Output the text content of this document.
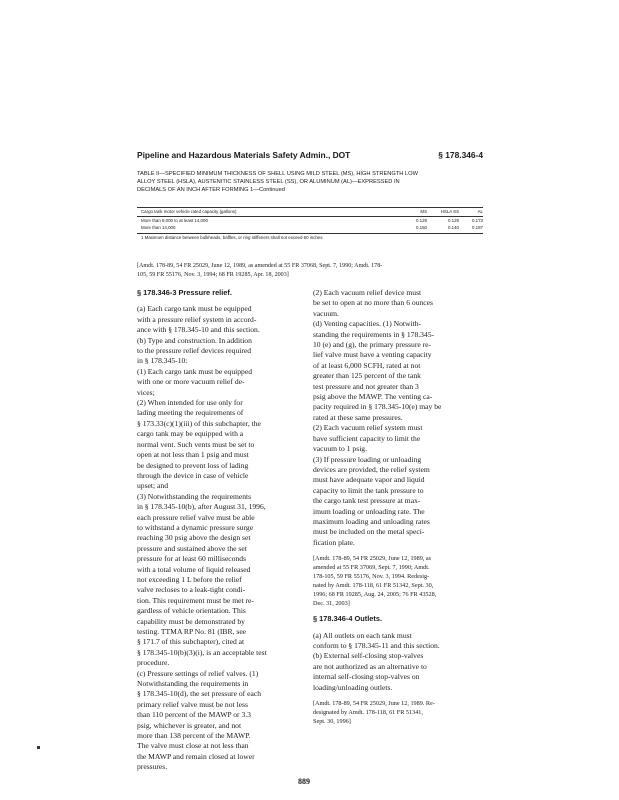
Pipeline and Hazardous Materials Safety Admin., DOT	§ 178.346-4
TABLE II—SPECIFIED MINIMUM THICKNESS OF SHELL USING MILD STEEL (MS), HIGH STRENGTH LOW
ALLOY STEEL (HSLA), AUSTENITIC STAINLESS STEEL (SS), OR ALUMINUM (AL)—EXPRESSED IN
DECIMALS OF AN INCH AFTER FORMING 1—Continued
Cargo tank motor vehicle rated capacity (gallons)	MS	HSLA SS	AL
More than 8,000 to at least 14,000	0.129	0.129	0.173
More than 14,000	0.150	0.140	0.187
1 Maximum distance between bulkheads, baffles, or ring stiffeners shall not exceed 60 inches.
[Amdt. 178-89, 54 FR 25029, June 12, 1989, as amended at 55 FR 37068, Sept. 7, 1990; Amdt. 178-
105, 59 FR 55176, Nov. 3, 1994; 68 FR 19285, Apr. 18, 2003]

§ 178.346-3 Pressure relief.

(a) Each cargo tank must be equipped

with a pressure relief system in accord-

ance with § 178.345-10 and this section.

(b) Type and construction. In addition

to the pressure relief devices required

in § 178.345-10:

(1) Each cargo tank must be equipped

with one or more vacuum relief de-

vices;

(2) When intended for use only for

lading meeting the requirements of

§ 173.33(c)(1)(iii) of this subchapter, the

cargo tank may be equipped with a

normal vent. Such vents must be set to

open at not less than 1 psig and must

be designed to prevent loss of lading

through the device in case of vehicle

upset; and

(3) Notwithstanding the requirements

in § 178.345-10(b), after August 31, 1996,

each pressure relief valve must be able

to withstand a dynamic pressure surge

reaching 30 psig above the design set

pressure and sustained above the set

pressure for at least 60 milliseconds

with a total volume of liquid released

not exceeding 1 L before the relief

valve recloses to a leak-tight condi-

tion. This requirement must be met re-

gardless of vehicle orientation. This

capability must be demonstrated by

testing. TTMA RP No. 81 (IBR, see

§ 171.7 of this subchapter), cited at

§ 178.345-10(b)(3)(i), is an acceptable test

procedure.

(c) Pressure settings of relief valves. (1)

Notwithstanding the requirements in

§ 178.345-10(d), the set pressure of each

primary relief valve must be not less

than 110 percent of the MAWP or 3.3

psig, whichever is greater, and not

more than 138 percent of the MAWP.

The valve must close at not less than

the MAWP and remain closed at lower

pressures.

(2) Each vacuum relief device must

be set to open at no more than 6 ounces

vacuum.

(d) Venting capacities. (1) Notwith-

standing the requirements in § 178.345-

10 (e) and (g), the primary pressure re-

lief valve must have a venting capacity

of at least 6,000 SCFH, rated at not

greater than 125 percent of the tank

test pressure and not greater than 3

psig above the MAWP. The venting ca-

pacity required in § 178.345-10(e) may be

rated at these same pressures.

(2) Each vacuum relief system must

have sufficient capacity to limit the

vacuum to 1 psig.

(3) If pressure loading or unloading

devices are provided, the relief system

must have adequate vapor and liquid

capacity to limit the tank pressure to

the cargo tank test pressure at max-

imum loading or unloading rate. The

maximum loading and unloading rates

must be included on the metal speci-

fication plate.

[Amdt. 178-89, 54 FR 25029, June 12, 1989, as

amended at 55 FR 37069, Sept. 7, 1990; Amdt.

178-105, 59 FR 55176, Nov. 3, 1994. Redesig-

nated by Amdt. 178-118, 61 FR 51342, Sept. 30,

1996; 68 FR 19285, Aug. 24, 2005; 76 FR 43528,

Dec. 31, 2003]

§ 178.346-4 Outlets.

(a) All outlets on each tank must

conform to § 178.345-11 and this section.

(b) External self-closing stop-valves

are not authorized as an alternative to

internal self-closing stop-valves on

loading/unloading outlets.

[Amdt. 178-89, 54 FR 25029, June 12, 1989. Re-

designated by Amdt. 178-118, 61 FR 51341,

Sept. 30, 1996]

889
